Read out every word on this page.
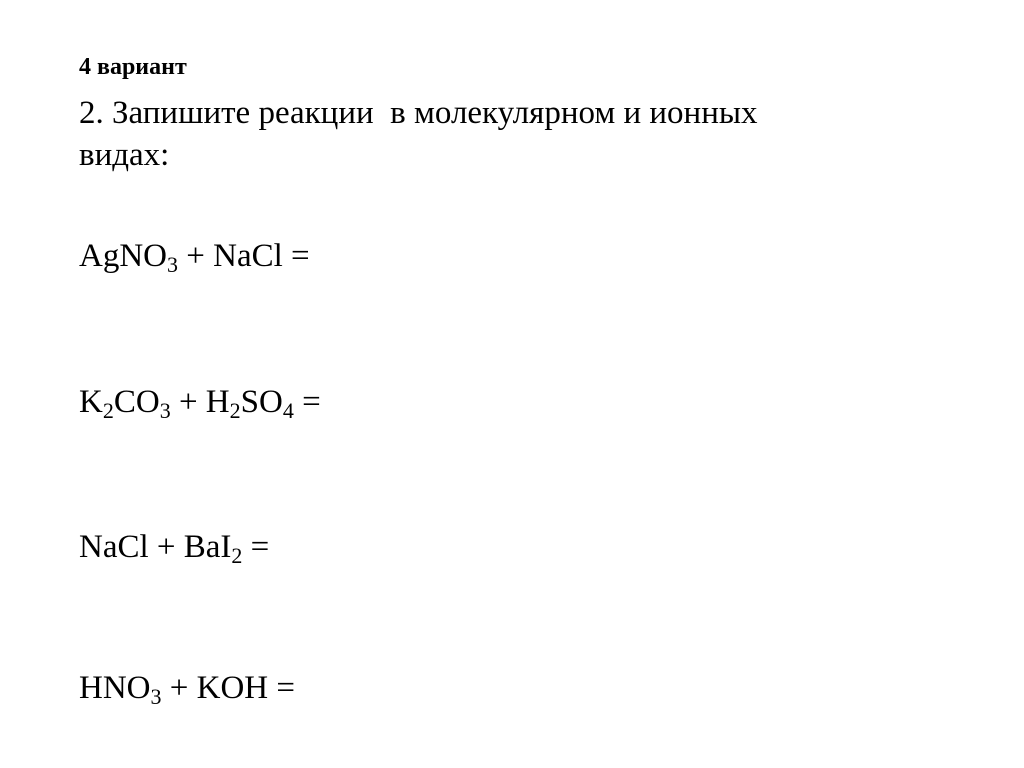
4 вариант
2. Запишите реакции  в молекулярном и ионных
видах:
AgNO$_3$ + NaCl =
$K_2CO_3 + H_2SO_4$ =
NaCl + BaI$_2$ =
$HNO_3$ + KOH =
